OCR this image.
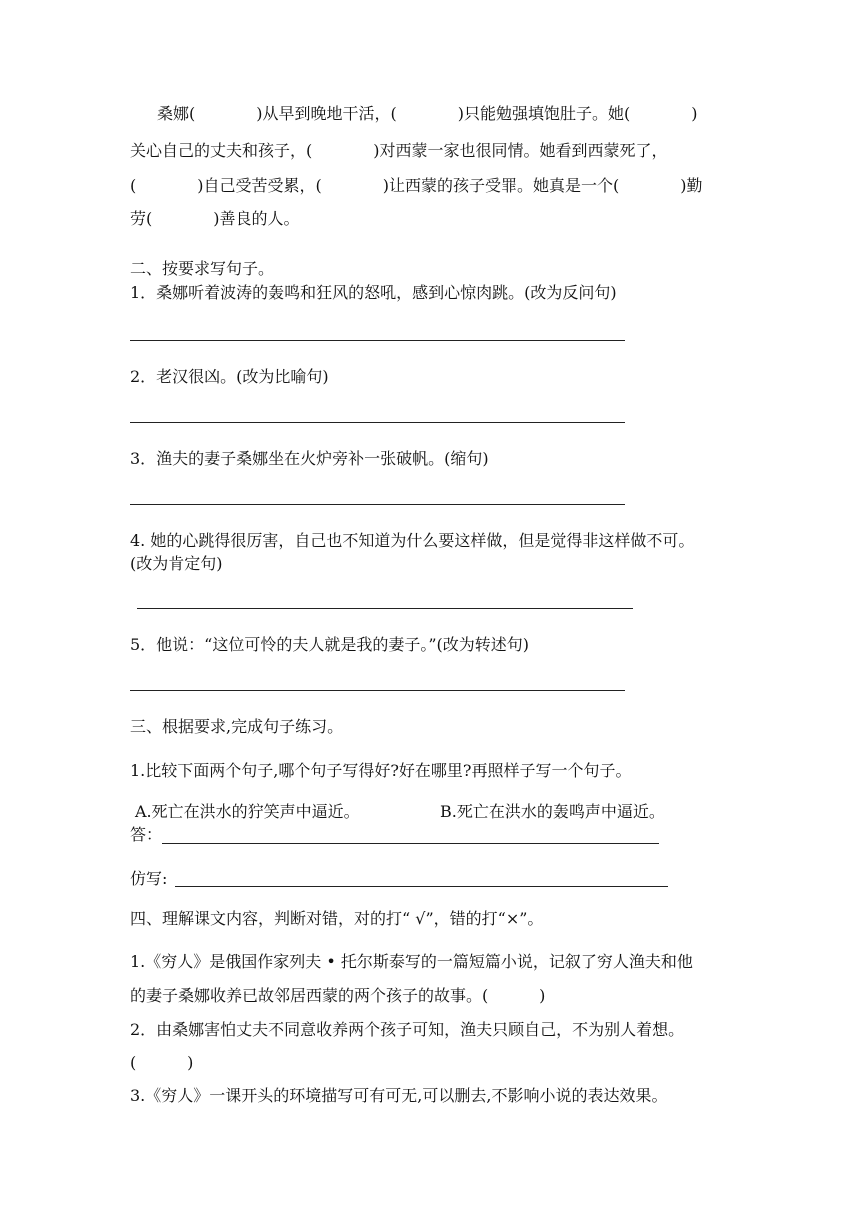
桑娜(            )从早到晚地干活，(            )只能勉强填饱肚子。她(            )
关心自己的丈夫和孩子，(            )对西蒙一家也很同情。她看到西蒙死了，
(            )自己受苦受累，(            )让西蒙的孩子受罪。她真是一个(            )勤
劳(            )善良的人。
二、按要求写句子。
1．桑娜听着波涛的轰鸣和狂风的怒吼，感到心惊肉跳。(改为反问句)
2．老汉很凶。(改为比喻句)
3．渔夫的妻子桑娜坐在火炉旁补一张破帆。(缩句)
4. 她的心跳得很厉害，自己也不知道为什么要这样做，但是觉得非这样做不可。
(改为肯定句)
5．他说：“这位可怜的夫人就是我的妻子。”(改为转述句)
三、根据要求,完成句子练习。
1.比较下面两个句子,哪个句子写得好?好在哪里?再照样子写一个句子。
A.死亡在洪水的狞笑声中逼近。	B.死亡在洪水的轰鸣声中逼近。
答：
仿写:
四、理解课文内容，判断对错，对的打“ √”，错的打“×”。
1.《穷人》是俄国作家列夫 • 托尔斯泰写的一篇短篇小说，记叙了穷人渔夫和他
的妻子桑娜收养已故邻居西蒙的两个孩子的故事。(          )
2．由桑娜害怕丈夫不同意收养两个孩子可知，渔夫只顾自己，不为别人着想。
(          )
3.《穷人》一课开头的环境描写可有可无,可以删去,不影响小说的表达效果。
